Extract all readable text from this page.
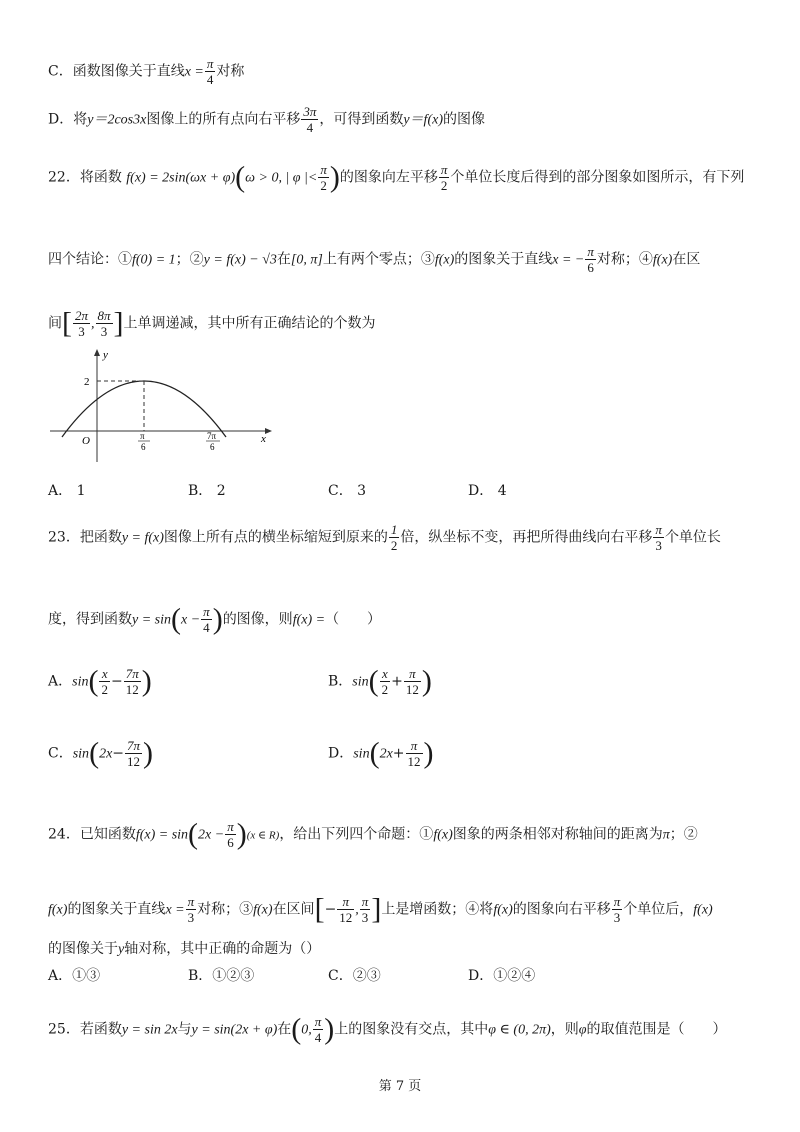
C．函数图像关于直线$x = \frac{\pi}{4}$ 对称
D．将y＝2cos3x图像上的所有点向右平移 $\frac{3\pi}{4}$ ，可得到函数y＝f(x)的图像
22．将函数 f(x) = 2sin(ωx + φ)(ω > 0, | φ |< $\frac{\pi}{2}$ )的图象向左平移 $\frac{\pi}{2}$ 个单位长度后得到的部分图象如图所示，有下列
四个结论：①f(0) = 1；②y = f(x) − √3在[0, π]上有两个零点；③f(x)的图象关于直线x = − $\frac{\pi}{6}$ 对称；④f(x)在区
间[ $\frac{2\pi}{3}$ , $\frac{8\pi}{3}$ ]上单调递减，其中所有正确结论的个数为
y
x
O
2
π
6
7π
6
A． 1	B． 2	C． 3	D． 4
23．把函数y = f(x)图像上所有点的横坐标缩短到原来的 $\frac{1}{2}$ 倍，纵坐标不变，再把所得曲线向右平移 $\frac{\pi}{3}$ 个单位长
度，得到函数$y = \sin(x - \frac{\pi}{4}$ )的图像，则f(x) =（　　）
A．$\sin( \frac{x}{2} - \frac{7\pi}{12}$ )	B．$\sin( \frac{x}{2} + \frac{\pi}{12}$ )
C．$\sin(2x- \frac{7\pi}{12}$ )	D．$\sin(2x+ \frac{\pi}{12}$ )
24．已知函数$f(x) = \sin(2x - \frac{\pi}{6} )(x$ ∈ R)，给出下列四个命题：①f(x)图象的两条相邻对称轴间的距离为π；②
f(x)的图象关于直线$x = \frac{\pi}{3}$ 对称；③f(x)在区间[− $\frac{\pi}{12}$ , $\frac{\pi}{3}$ ]上是增函数；④将f(x)的图象向右平移 $\frac{\pi}{3}$ 个单位后，f(x)
的图像关于y轴对称，其中正确的命题为（）
A．①③	B．①②③	C．②③	D．①②④
25．若函数y = sin 2x与y = sin(2x + φ)在(0, $\frac{\pi}{4}$ )上的图象没有交点，其中φ ∈ (0, 2π)，则φ的取值范围是（　　）
第 7 页
